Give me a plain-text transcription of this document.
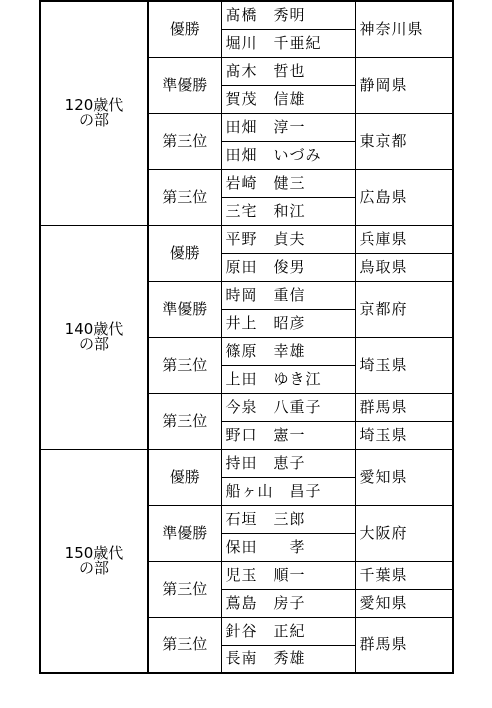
120歳代
の部	優勝	髙橋　秀明	神奈川県
		堀川　千亜紀	
	準優勝	髙木　哲也	静岡県
		賀茂　信雄	
	第三位	田畑　淳一	東京都
		田畑　いづみ	
	第三位	岩崎　健三	広島県
		三宅　和江	

140歳代
の部	優勝	平野　貞夫	兵庫県
		原田　俊男	鳥取県
	準優勝	時岡　重信	京都府
		井上　昭彦	
	第三位	篠原　幸雄	埼玉県
		上田　ゆき江	
	第三位	今泉　八重子	群馬県
		野口　憲一	埼玉県

150歳代
の部	優勝	持田　恵子	愛知県
		船ヶ山　昌子	
	準優勝	石垣　三郎	大阪府
		保田　　孝	
	第三位	児玉　順一	千葉県
		蔦島　房子	愛知県
	第三位	針谷　正紀	群馬県
		長南　秀雄	
